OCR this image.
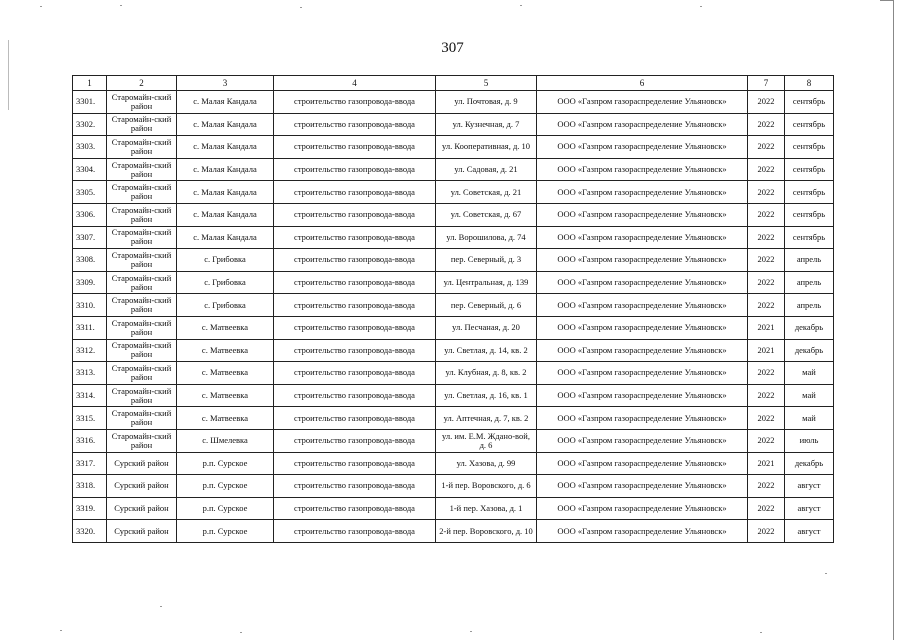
307
1	2	3	4	5	6	7	8
3301.	Старомайн-ский район	с. Малая Кандала	строительство газопровода-ввода	ул. Почтовая, д. 9	ООО «Газпром газораспределение Ульяновск»	2022	сентябрь
3302.	Старомайн-ский район	с. Малая Кандала	строительство газопровода-ввода	ул. Кузнечная, д. 7	ООО «Газпром газораспределение Ульяновск»	2022	сентябрь
3303.	Старомайн-ский район	с. Малая Кандала	строительство газопровода-ввода	ул. Кооперативная, д. 10	ООО «Газпром газораспределение Ульяновск»	2022	сентябрь
3304.	Старомайн-ский район	с. Малая Кандала	строительство газопровода-ввода	ул. Садовая, д. 21	ООО «Газпром газораспределение Ульяновск»	2022	сентябрь
3305.	Старомайн-ский район	с. Малая Кандала	строительство газопровода-ввода	ул. Советская, д. 21	ООО «Газпром газораспределение Ульяновск»	2022	сентябрь
3306.	Старомайн-ский район	с. Малая Кандала	строительство газопровода-ввода	ул. Советская, д. 67	ООО «Газпром газораспределение Ульяновск»	2022	сентябрь
3307.	Старомайн-ский район	с. Малая Кандала	строительство газопровода-ввода	ул. Ворошилова, д. 74	ООО «Газпром газораспределение Ульяновск»	2022	сентябрь
3308.	Старомайн-ский район	с. Грибовка	строительство газопровода-ввода	пер. Северный, д. 3	ООО «Газпром газораспределение Ульяновск»	2022	апрель
3309.	Старомайн-ский район	с. Грибовка	строительство газопровода-ввода	ул. Центральная, д. 139	ООО «Газпром газораспределение Ульяновск»	2022	апрель
3310.	Старомайн-ский район	с. Грибовка	строительство газопровода-ввода	пер. Северный, д. 6	ООО «Газпром газораспределение Ульяновск»	2022	апрель
3311.	Старомайн-ский район	с. Матвеевка	строительство газопровода-ввода	ул. Песчаная, д. 20	ООО «Газпром газораспределение Ульяновск»	2021	декабрь
3312.	Старомайн-ский район	с. Матвеевка	строительство газопровода-ввода	ул. Светлая, д. 14, кв. 2	ООО «Газпром газораспределение Ульяновск»	2021	декабрь
3313.	Старомайн-ский район	с. Матвеевка	строительство газопровода-ввода	ул. Клубная, д. 8, кв. 2	ООО «Газпром газораспределение Ульяновск»	2022	май
3314.	Старомайн-ский район	с. Матвеевка	строительство газопровода-ввода	ул. Светлая, д. 16, кв. 1	ООО «Газпром газораспределение Ульяновск»	2022	май
3315.	Старомайн-ский район	с. Матвеевка	строительство газопровода-ввода	ул. Аптечная, д. 7, кв. 2	ООО «Газпром газораспределение Ульяновск»	2022	май
3316.	Старомайн-ский район	с. Шмелевка	строительство газопровода-ввода	ул. им. Е.М. Ждано-вой, д. 6	ООО «Газпром газораспределение Ульяновск»	2022	июль
3317.	Сурский район	р.п. Сурское	строительство газопровода-ввода	ул. Хазова, д. 99	ООО «Газпром газораспределение Ульяновск»	2021	декабрь
3318.	Сурский район	р.п. Сурское	строительство газопровода-ввода	1-й пер. Воровского, д. 6	ООО «Газпром газораспределение Ульяновск»	2022	август
3319.	Сурский район	р.п. Сурское	строительство газопровода-ввода	1-й пер. Хазова, д. 1	ООО «Газпром газораспределение Ульяновск»	2022	август
3320.	Сурский район	р.п. Сурское	строительство газопровода-ввода	2-й пер. Воровского, д. 10	ООО «Газпром газораспределение Ульяновск»	2022	август
